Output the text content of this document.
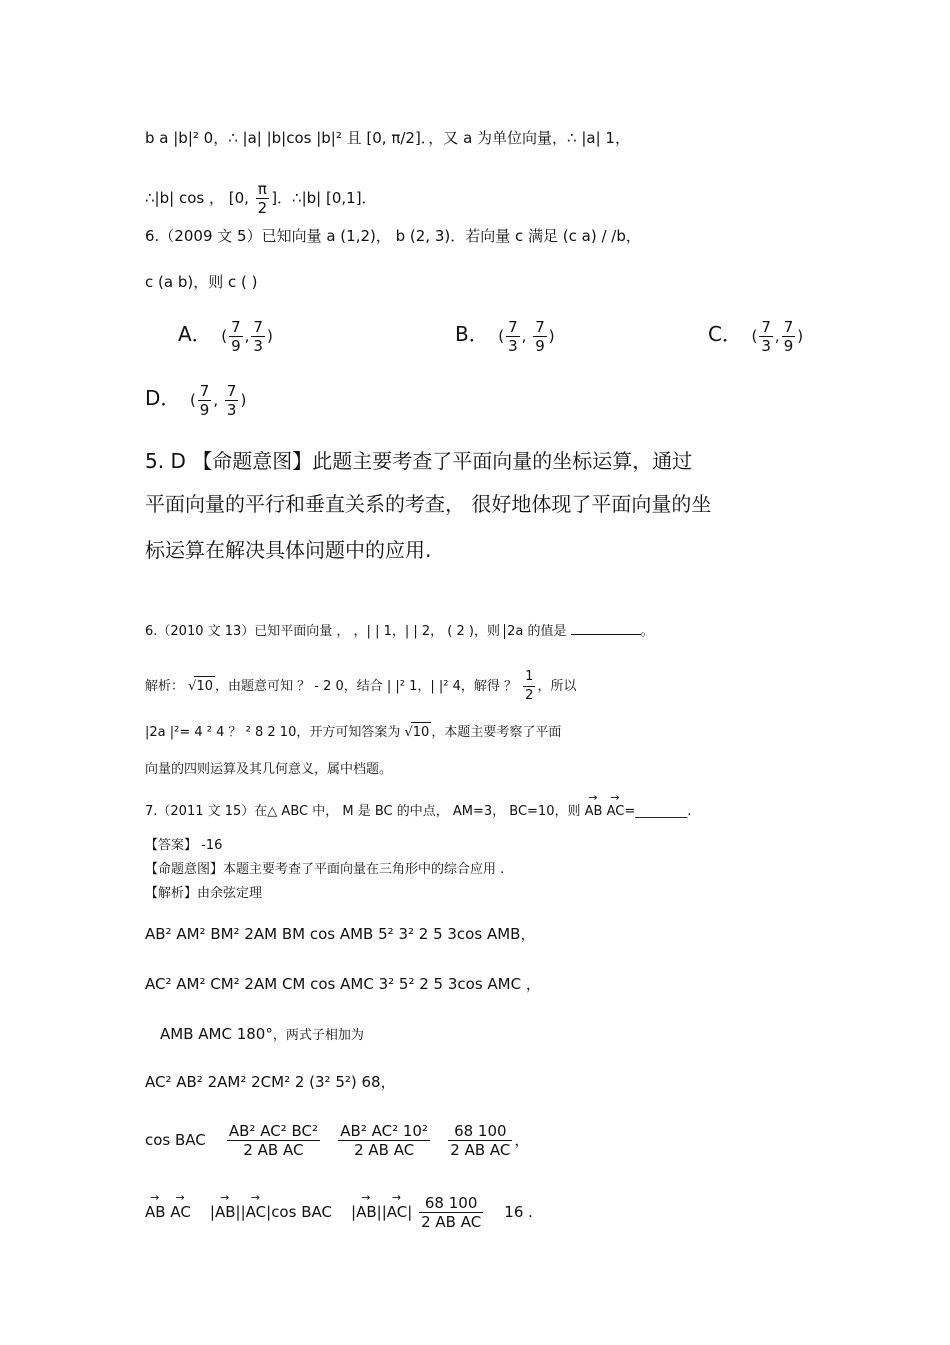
b a |b|² 0，∴ |a| |b|cos |b|² 且 [0, π/2]．，又 a 为单位向量，∴ |a| 1，
∴|b| cos ， [0, $\frac{\pi}{2}$ ]．∴|b| [0,1]．
6.（2009 文 5）已知向量 a (1,2)， b (2, 3)．若向量 c 满足 (c a) / /b，
c (a b)，则 c ( )
A．  ( $\frac{7}{9}$ , $\frac{7}{3}$ )	B．  ( $\frac{7}{3}$ , $\frac{7}{9}$ )	C．  ( $\frac{7}{3}$ , $\frac{7}{9}$ )
D．  ( $\frac{7}{9}$ , $\frac{7}{3}$ )
5. D 【命题意图】此题主要考查了平面向量的坐标运算，通过
平面向量的平行和垂直关系的考查， 很好地体现了平面向量的坐
标运算在解决具体问题中的应用.
6.（2010 文 13）已知平面向量 ， ，| | 1，| | 2， ( 2 )，则 2a 的值是	。
解析： √10 ，由题意可知 ？ - 2 0，结合 | |² 1，| |² 4，解得 ？ $\frac{1}{2}$ ，所以
|2a |²= 4 ² 4 ？ ² 8 2 10，开方可知答案为 √10 ，本题主要考察了平面
向量的四则运算及其几何意义，属中档题。
7.（2011 文 15）在△ ABC 中， M 是 BC 的中点， AM=3， BC=10，则
→
AB
→
AC=________.
【答案】 -16
【命题意图】本题主要考查了平面向量在三角形中的综合应用 .
【解析】由余弦定理
AB² AM² BM² 2AM BM cos AMB 5² 3² 2 5 3cos AMB，
AC² AM² CM² 2AM CM cos AMC 3² 5² 2 5 3cos AMC ，
AMB AMC 180°，两式子相加为
AC² AB² 2AM² 2CM² 2 (3² 5²) 68，
cos BAC $\frac{\text{AB² AC² BC²}}{\text{2 AB AC}}$
$\frac{\text{AB² AC² 10²}}{\text{2 AB AC}}$
$\frac{68 100}{\text{2 AB AC}}$ ，
→
AB
→
AC    |
→
AB||
→
AC|cos BAC    |
→
AB||
→
$AC| \frac{68 100}{\text{2 AB AC}} 16$ .
